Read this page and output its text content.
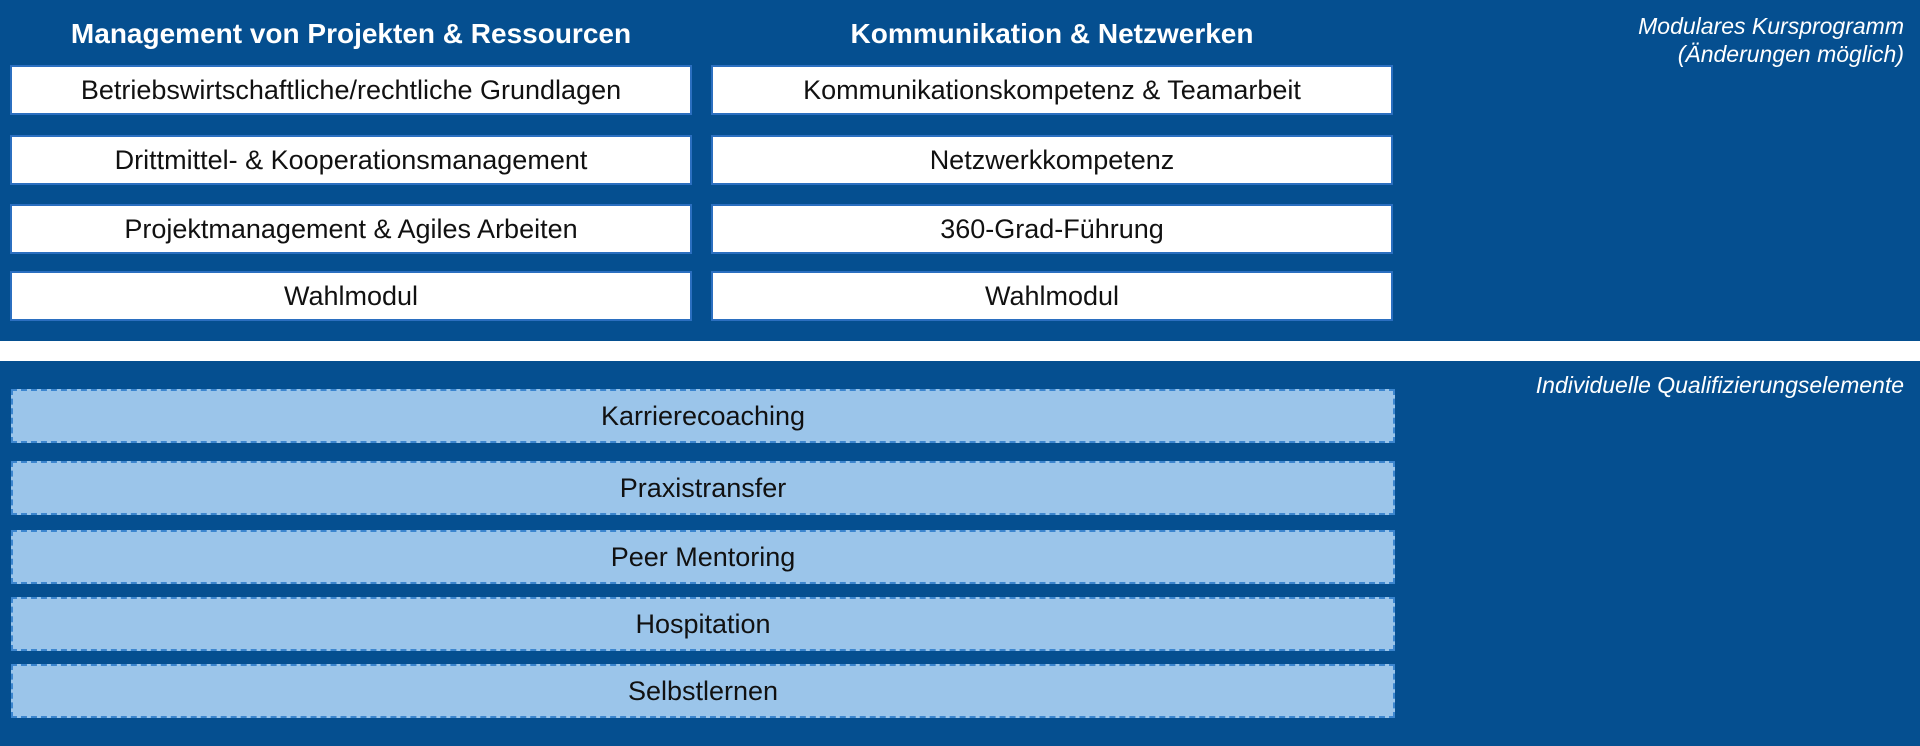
Modulares Kursprogramm
(Änderungen möglich)
Management von Projekten & Ressourcen	Kommunikation & Netzwerken
Betriebswirtschaftliche/rechtliche Grundlagen
Drittmittel- & Kooperationsmanagement
Projektmanagement & Agiles Arbeiten
Wahlmodul
Kommunikationskompetenz & Teamarbeit
Netzwerkkompetenz
360-Grad-Führung
Wahlmodul
Individuelle Qualifizierungselemente
Karrierecoaching
Praxistransfer
Peer Mentoring
Hospitation
Selbstlernen
